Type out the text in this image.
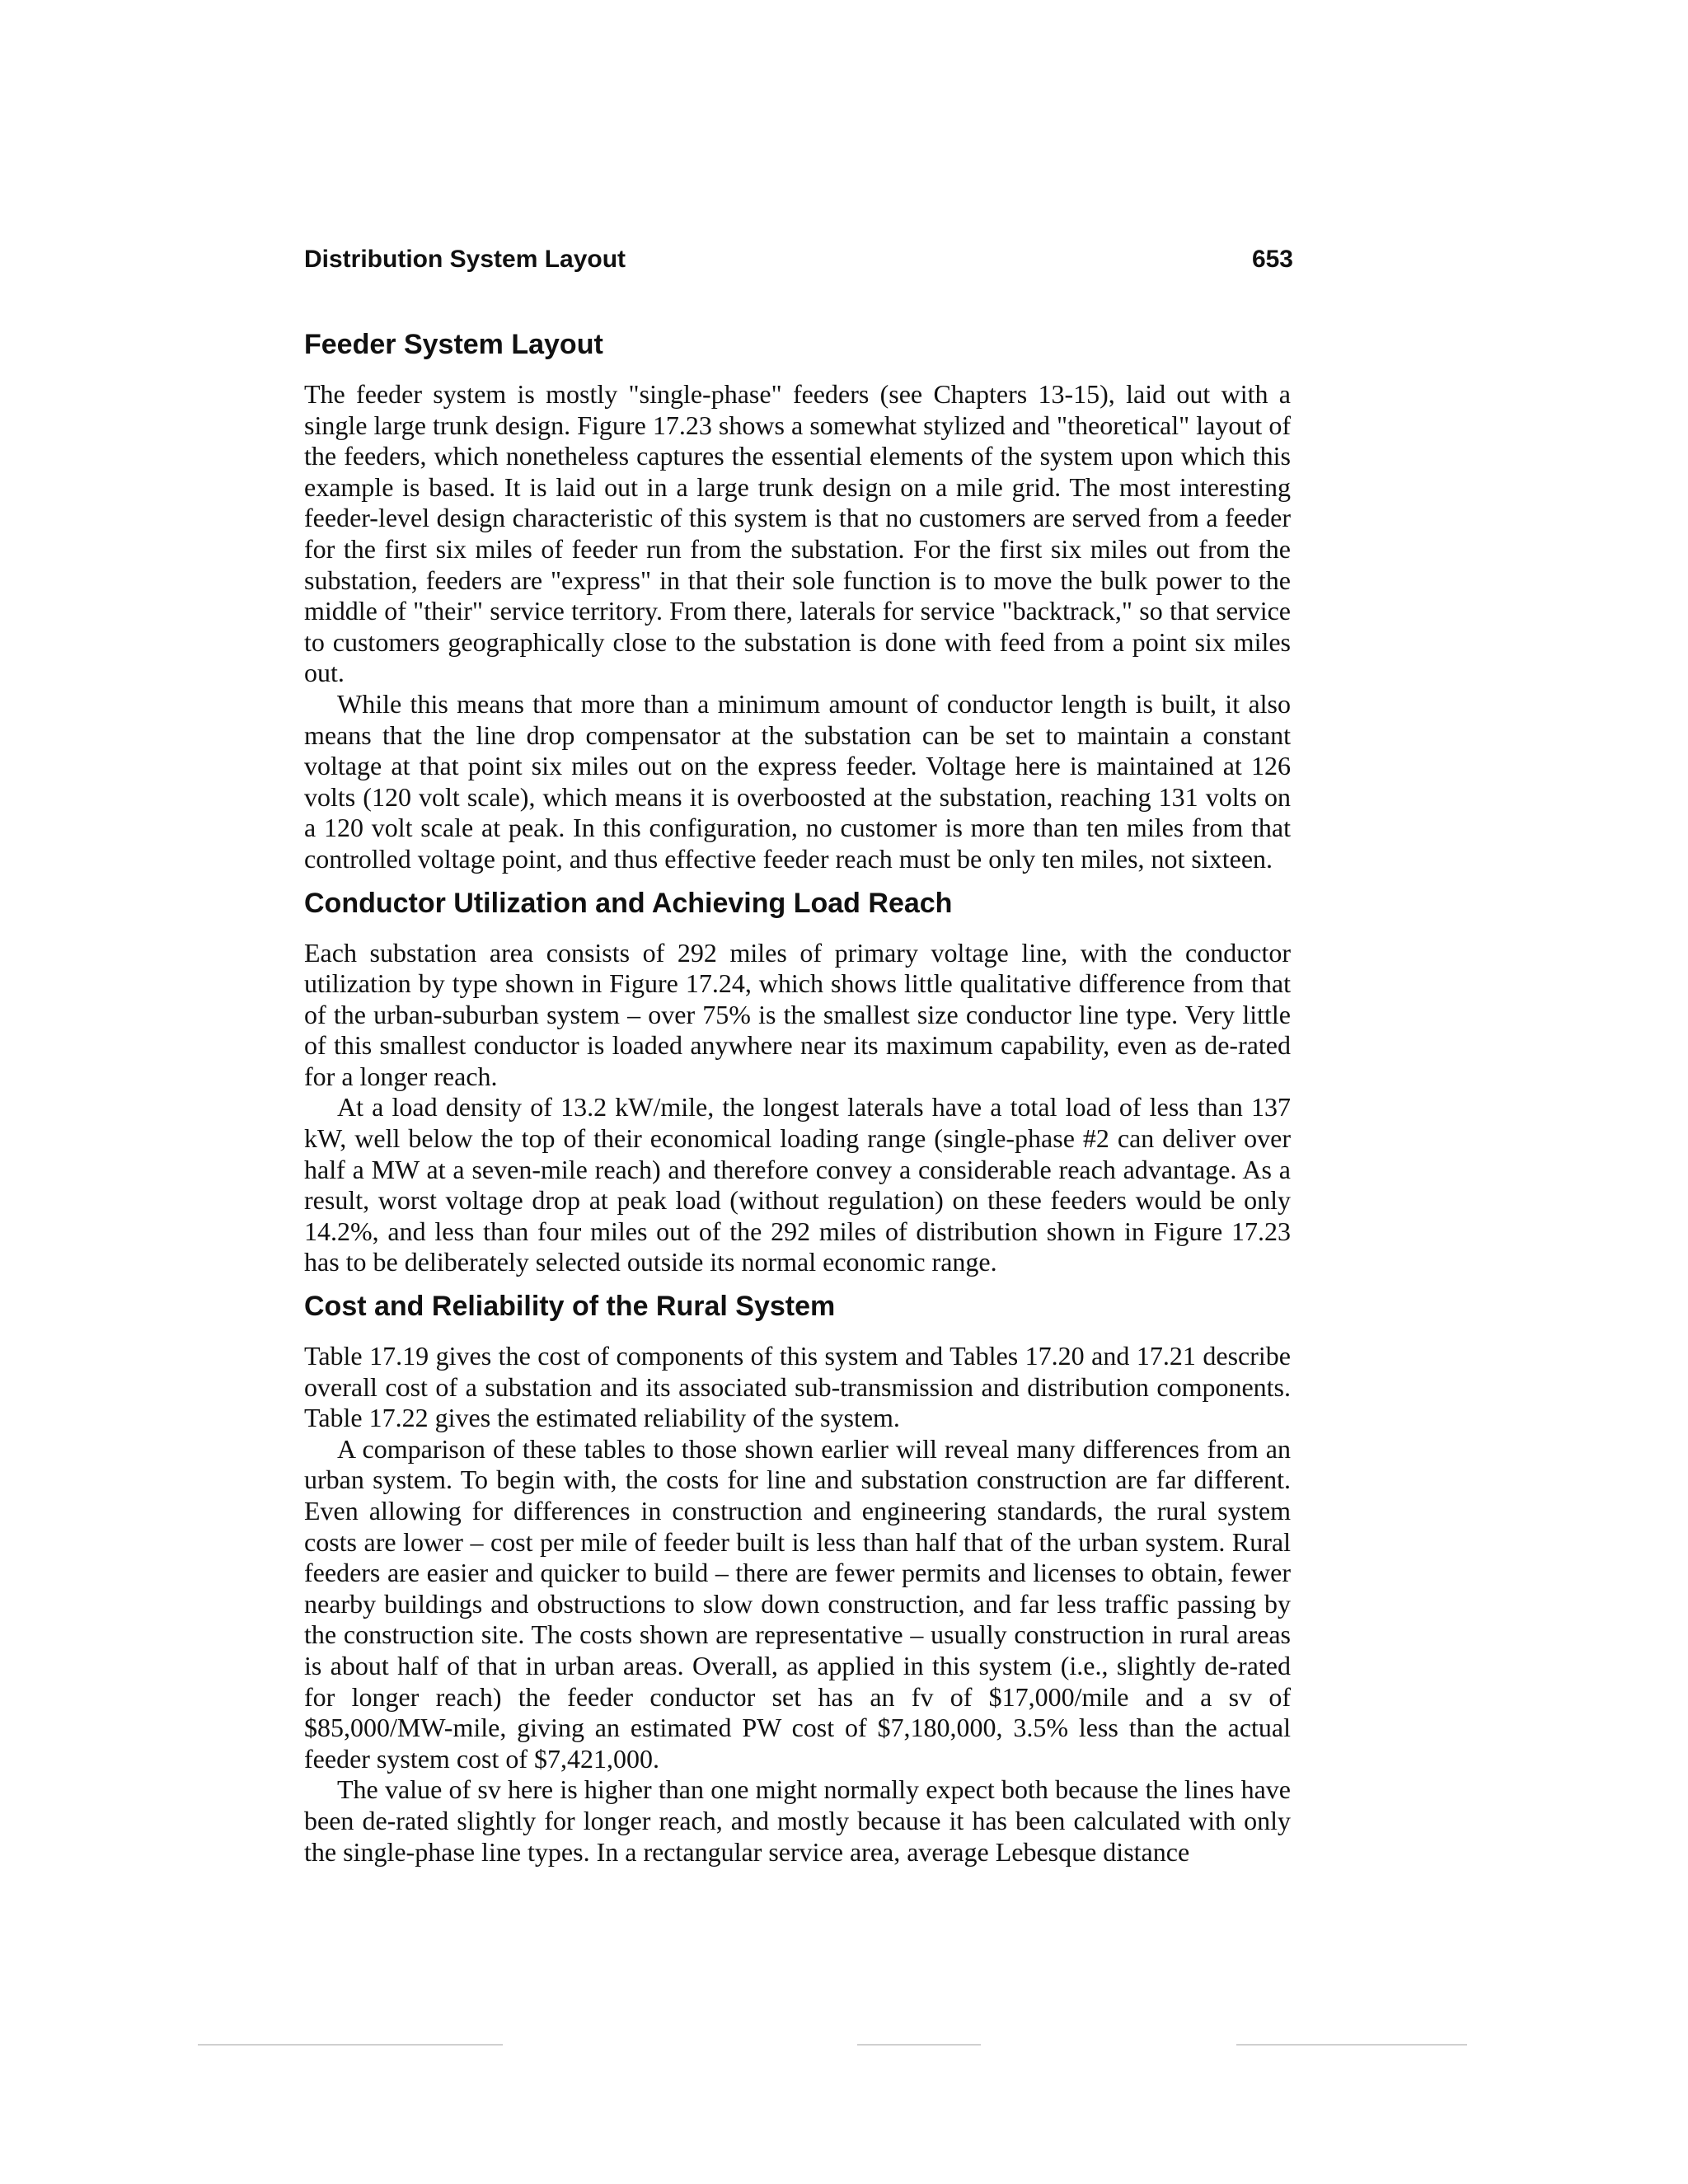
Distribution System Layout	653
Feeder System Layout

The feeder system is mostly "single-phase" feeders (see Chapters 13-15), laid out with a single large trunk design. Figure 17.23 shows a somewhat stylized and "theoretical" layout of the feeders, which nonetheless captures the essential elements of the system upon which this example is based. It is laid out in a large trunk design on a mile grid. The most interesting feeder-level design characteristic of this system is that no customers are served from a feeder for the first six miles of feeder run from the substation. For the first six miles out from the substation, feeders are "express" in that their sole function is to move the bulk power to the middle of "their" service territory. From there, laterals for service "backtrack," so that service to customers geographically close to the substation is done with feed from a point six miles out.

While this means that more than a minimum amount of conductor length is built, it also means that the line drop compensator at the substation can be set to maintain a constant voltage at that point six miles out on the express feeder. Voltage here is maintained at 126 volts (120 volt scale), which means it is overboosted at the substation, reaching 131 volts on a 120 volt scale at peak. In this configuration, no customer is more than ten miles from that controlled voltage point, and thus effective feeder reach must be only ten miles, not sixteen.

Conductor Utilization and Achieving Load Reach

Each substation area consists of 292 miles of primary voltage line, with the conductor utilization by type shown in Figure 17.24, which shows little qualitative difference from that of the urban-suburban system – over 75% is the smallest size conductor line type. Very little of this smallest conductor is loaded anywhere near its maximum capability, even as de-rated for a longer reach.

At a load density of 13.2 kW/mile, the longest laterals have a total load of less than 137 kW, well below the top of their economical loading range (single-phase #2 can deliver over half a MW at a seven-mile reach) and therefore convey a considerable reach advantage. As a result, worst voltage drop at peak load (without regulation) on these feeders would be only 14.2%, and less than four miles out of the 292 miles of distribution shown in Figure 17.23 has to be deliberately selected outside its normal economic range.

Cost and Reliability of the Rural System

Table 17.19 gives the cost of components of this system and Tables 17.20 and 17.21 describe overall cost of a substation and its associated sub-transmission and distribution components. Table 17.22 gives the estimated reliability of the system.

A comparison of these tables to those shown earlier will reveal many differences from an urban system. To begin with, the costs for line and substation construction are far different. Even allowing for differences in construction and engineering standards, the rural system costs are lower – cost per mile of feeder built is less than half that of the urban system. Rural feeders are easier and quicker to build – there are fewer permits and licenses to obtain, fewer nearby buildings and obstructions to slow down construction, and far less traffic passing by the construction site. The costs shown are representative – usually construction in rural areas is about half of that in urban areas. Overall, as applied in this system (i.e., slightly de-rated for longer reach) the feeder conductor set has an fv of $17,000/mile and a sv of $85,000/MW-mile, giving an estimated PW cost of $7,180,000, 3.5% less than the actual feeder system cost of $7,421,000.

The value of sv here is higher than one might normally expect both because the lines have been de-rated slightly for longer reach, and mostly because it has been calculated with only the single-phase line types. In a rectangular service area, average Lebesque distance
